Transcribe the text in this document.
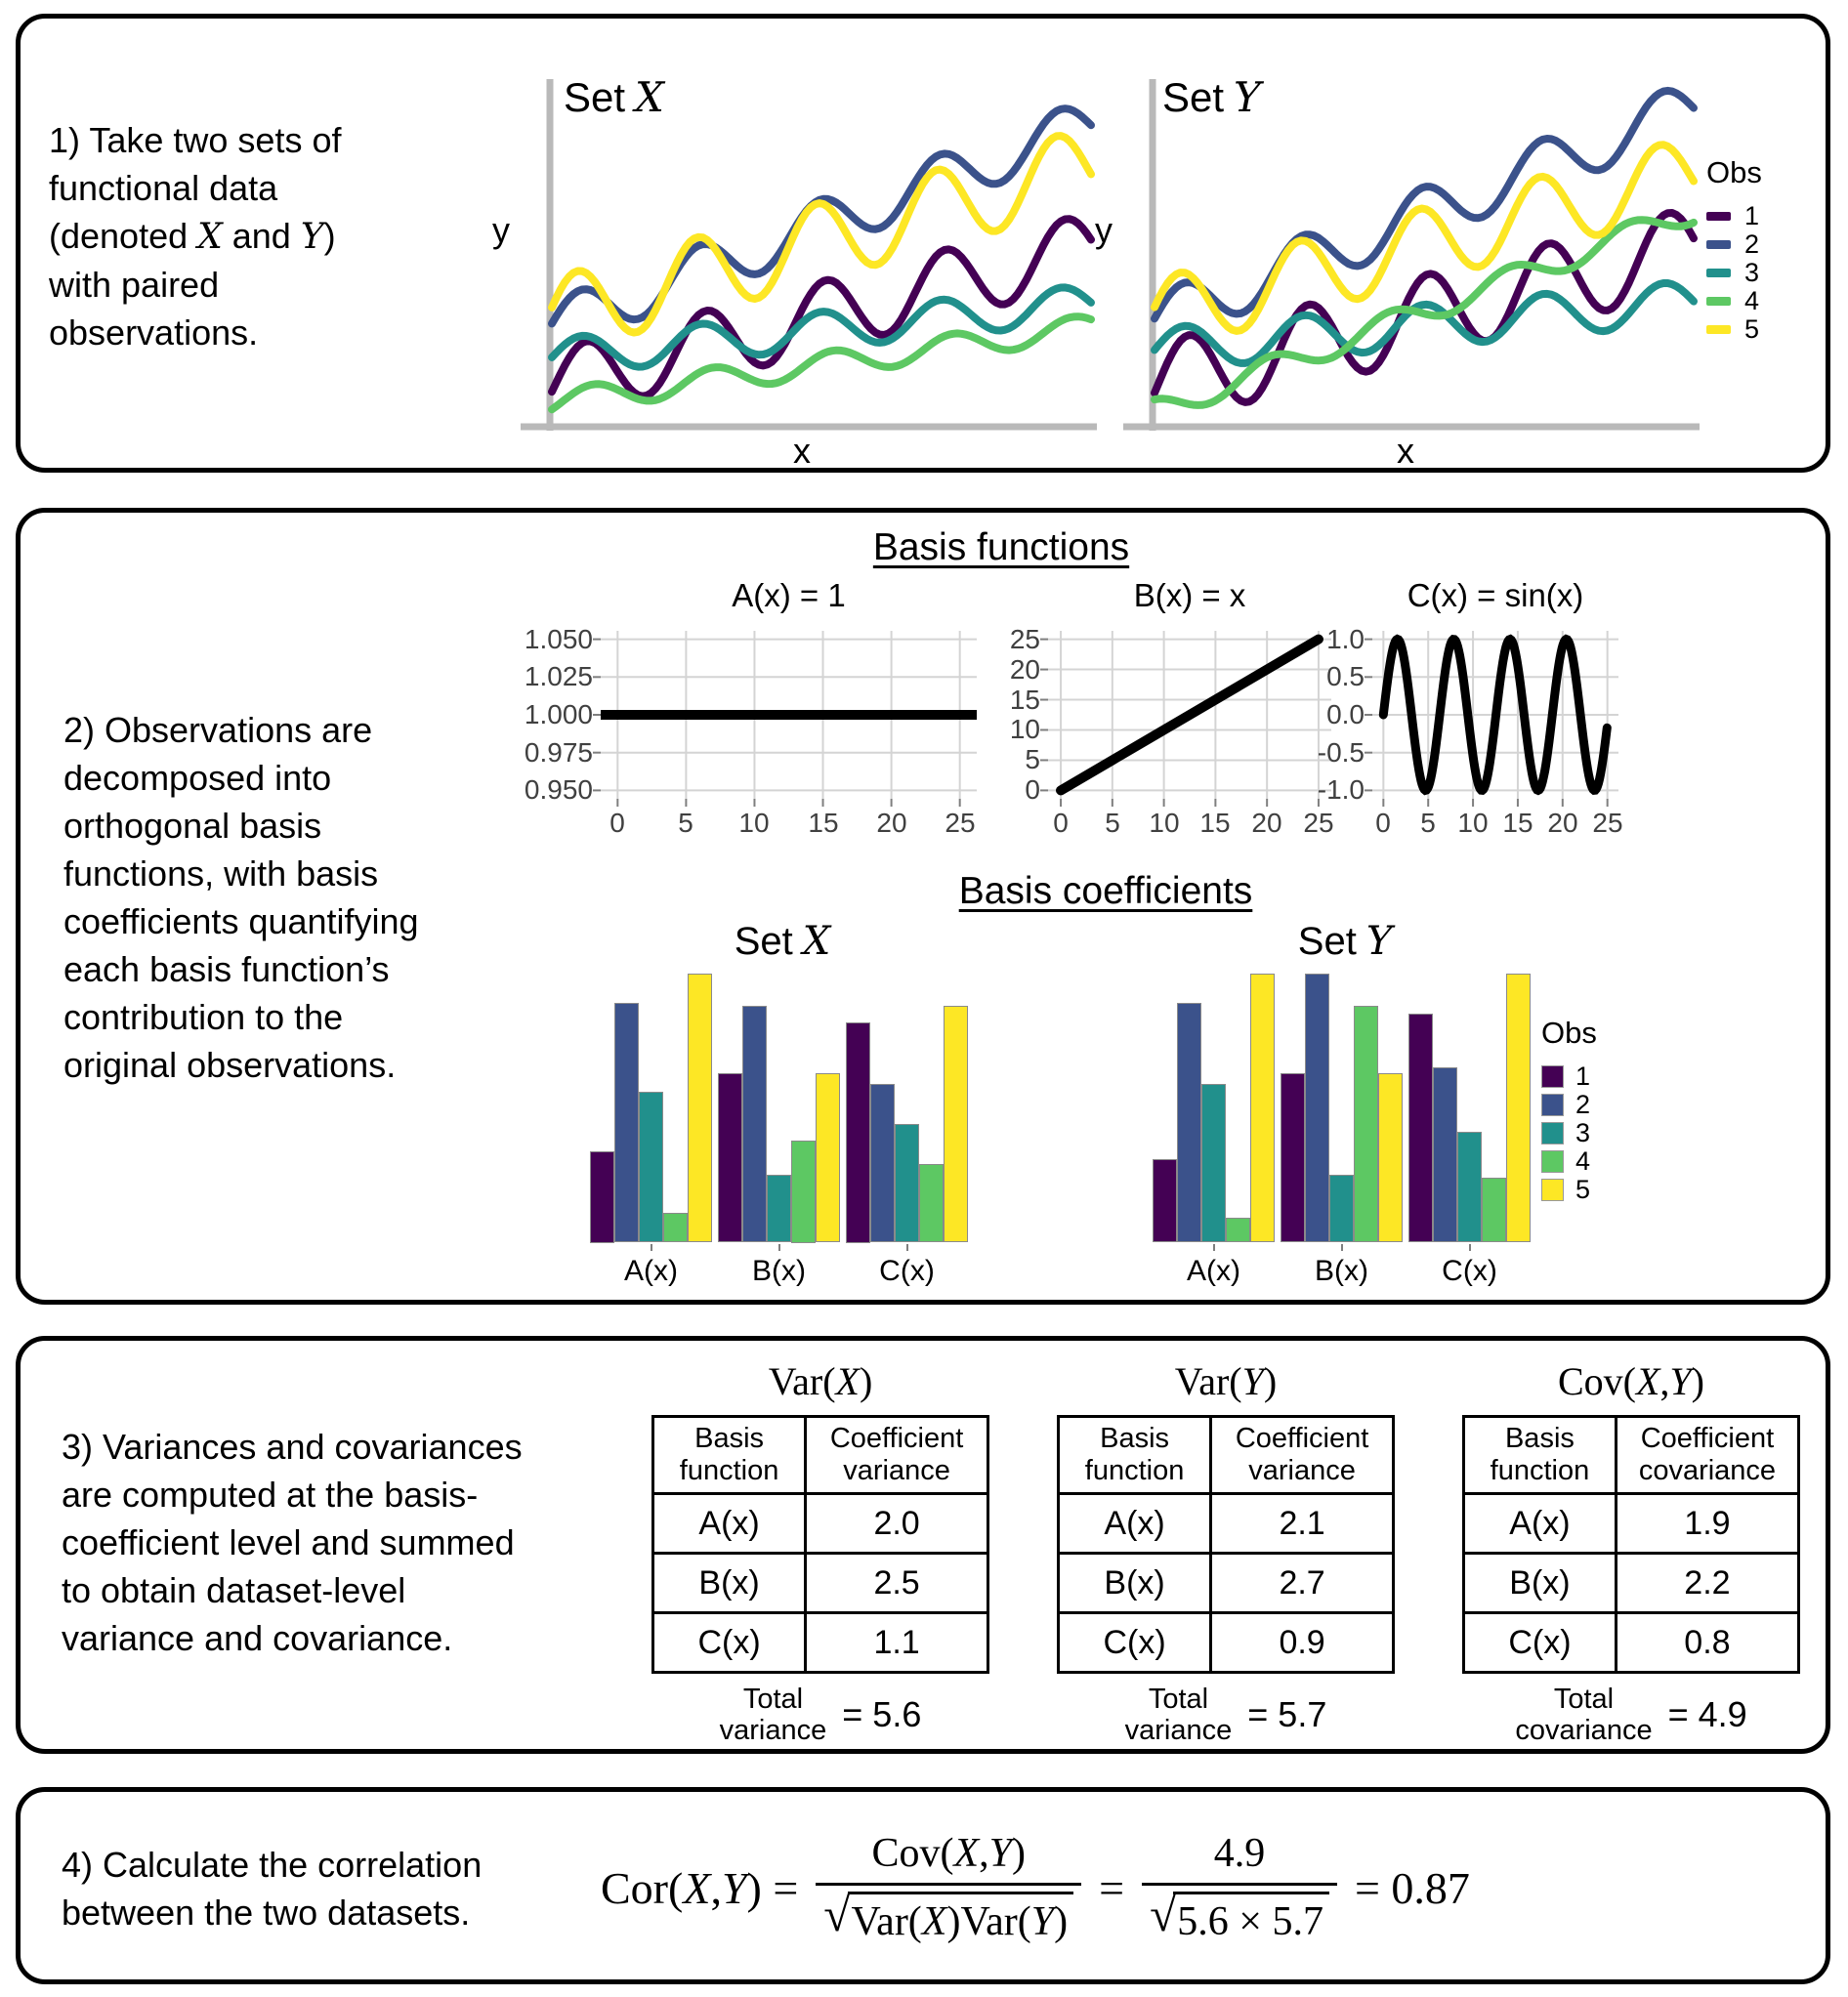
1) Take two sets of
functional data
(denoted X and Y)
with paired
observations.
Set X
y
x
Set Y
y
x
Obs
1
2
3
4
5
Basis functions
2) Observations are
decomposed into
orthogonal basis
functions, with basis
coefficients quantifying
each basis function’s
contribution to the
original observations.
A(x) = 1
1.050
1.025
1.000
0.975
0.950
0	5	10 15 20 25
B(x) = x
25
20
15
10
5
0
0	5	10 15 20 25
C(x) = sin(x)
1.0
0.5
0.0
-0.5
-1.0
0	5 10 15 20 25
Basis coefficients
Set X
A(x)	B(x)	C(x)
Set Y
A(x)	B(x)	C(x)
Obs
1
2
3
4
5
3) Variances and covariances
are computed at the basis-
coefficient level and summed
to obtain dataset-level
variance and covariance.
Var(X)
Basis
function

Coefficient
variance

A(x)	2.0
B(x)	2.5
C(x)	1.1
Total
variance = 5.6
Var(Y)
Basis
function

Coefficient
variance

A(x)	2.1
B(x)	2.7
C(x)	0.9
Total
variance = 5.7
Cov(X,Y)
Basis
function

Coefficient
covariance

A(x)	1.9
B(x)	2.2
C(x)	0.8
Total
covariance = 4.9
4) Calculate the correlation
between the two datasets.	$Cor(X,Y) = \frac{\text{Cov(X,Y)}}{\text{√ Var(X)Var(Y)}} = \frac{4.9}{√ 5.6 \times 5.7} = 0.87$
